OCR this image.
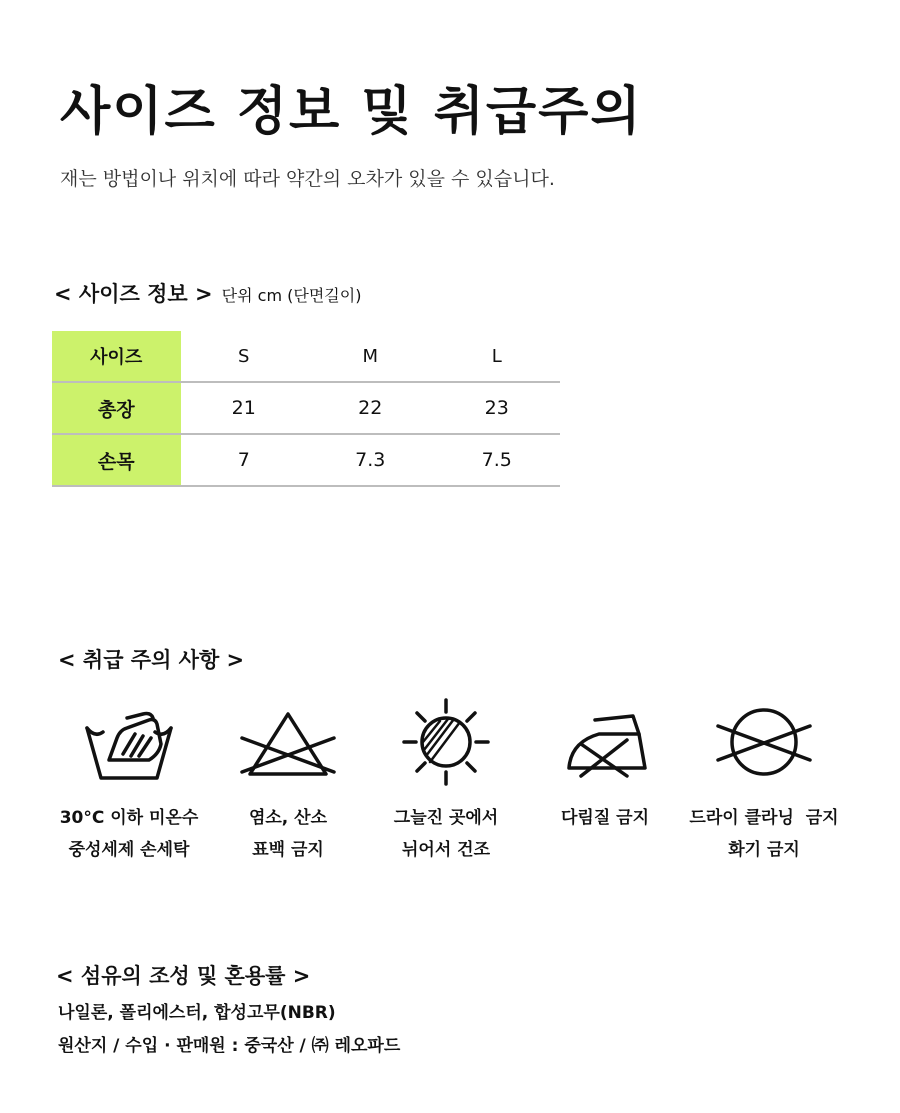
사이즈 정보 및 취급주의
재는 방법이나 위치에 따라 약간의 오차가 있을 수 있습니다.
< 사이즈 정보 > 단위 cm (단면길이)
사이즈	S	M	L
총장	21	22	23
손목	7	7.3	7.5
< 취급 주의 사항 >
30°C 이하 미온수
중성세제 손세탁
염소, 산소
표백 금지
그늘진 곳에서
뉘어서 건조
다림질 금지	드라이 클라닝  금지
화기 금지
< 섬유의 조성 및 혼용률 >
나일론, 폴리에스터, 합성고무(NBR)
원산지 / 수입 · 판매원 : 중국산 / ㈜ 레오파드
